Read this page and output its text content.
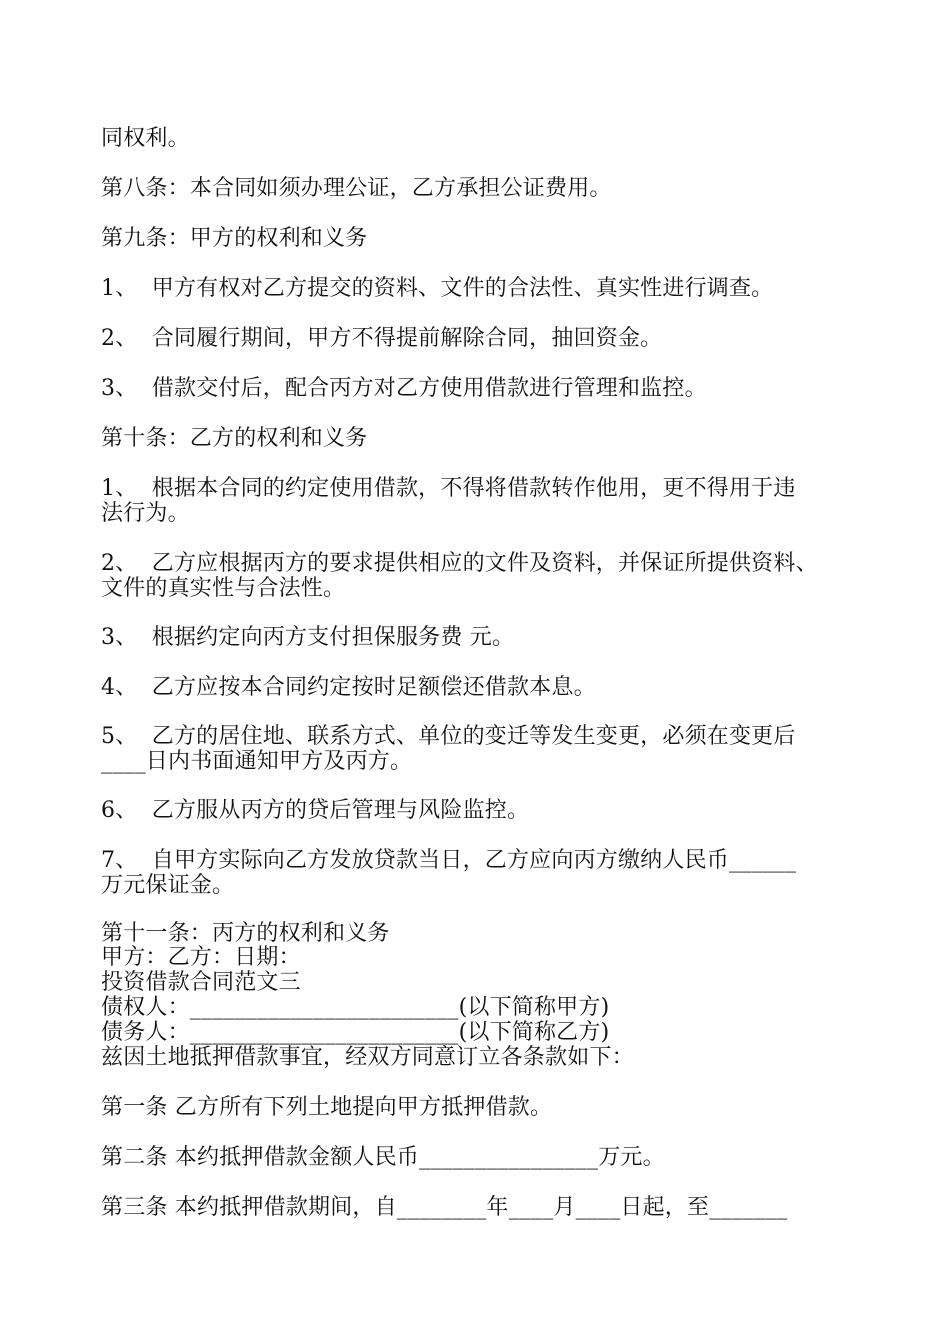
同权利。
第八条：本合同如须办理公证，乙方承担公证费用。
第九条：甲方的权利和义务
1、  甲方有权对乙方提交的资料、文件的合法性、真实性进行调查。
2、  合同履行期间，甲方不得提前解除合同，抽回资金。
3、  借款交付后，配合丙方对乙方使用借款进行管理和监控。
第十条：乙方的权利和义务
1、  根据本合同的约定使用借款，不得将借款转作他用，更不得用于违
法行为。
2、  乙方应根据丙方的要求提供相应的文件及资料，并保证所提供资料、
文件的真实性与合法性。
3、  根据约定向丙方支付担保服务费 元。
4、  乙方应按本合同约定按时足额偿还借款本息。
5、  乙方的居住地、联系方式、单位的变迁等发生变更，必须在变更后
____日内书面通知甲方及丙方。
6、  乙方服从丙方的贷后管理与风险监控。
7、  自甲方实际向乙方发放贷款当日，乙方应向丙方缴纳人民币______
万元保证金。
第十一条：丙方的权利和义务
甲方：乙方：日期：
投资借款合同范文三
债权人：________________________(以下简称甲方)
债务人：________________________(以下简称乙方)
兹因土地抵押借款事宜，经双方同意订立各条款如下：
第一条 乙方所有下列土地提向甲方抵押借款。
第二条 本约抵押借款金额人民币________________万元。
第三条 本约抵押借款期间，自________年____月____日起，至_______
